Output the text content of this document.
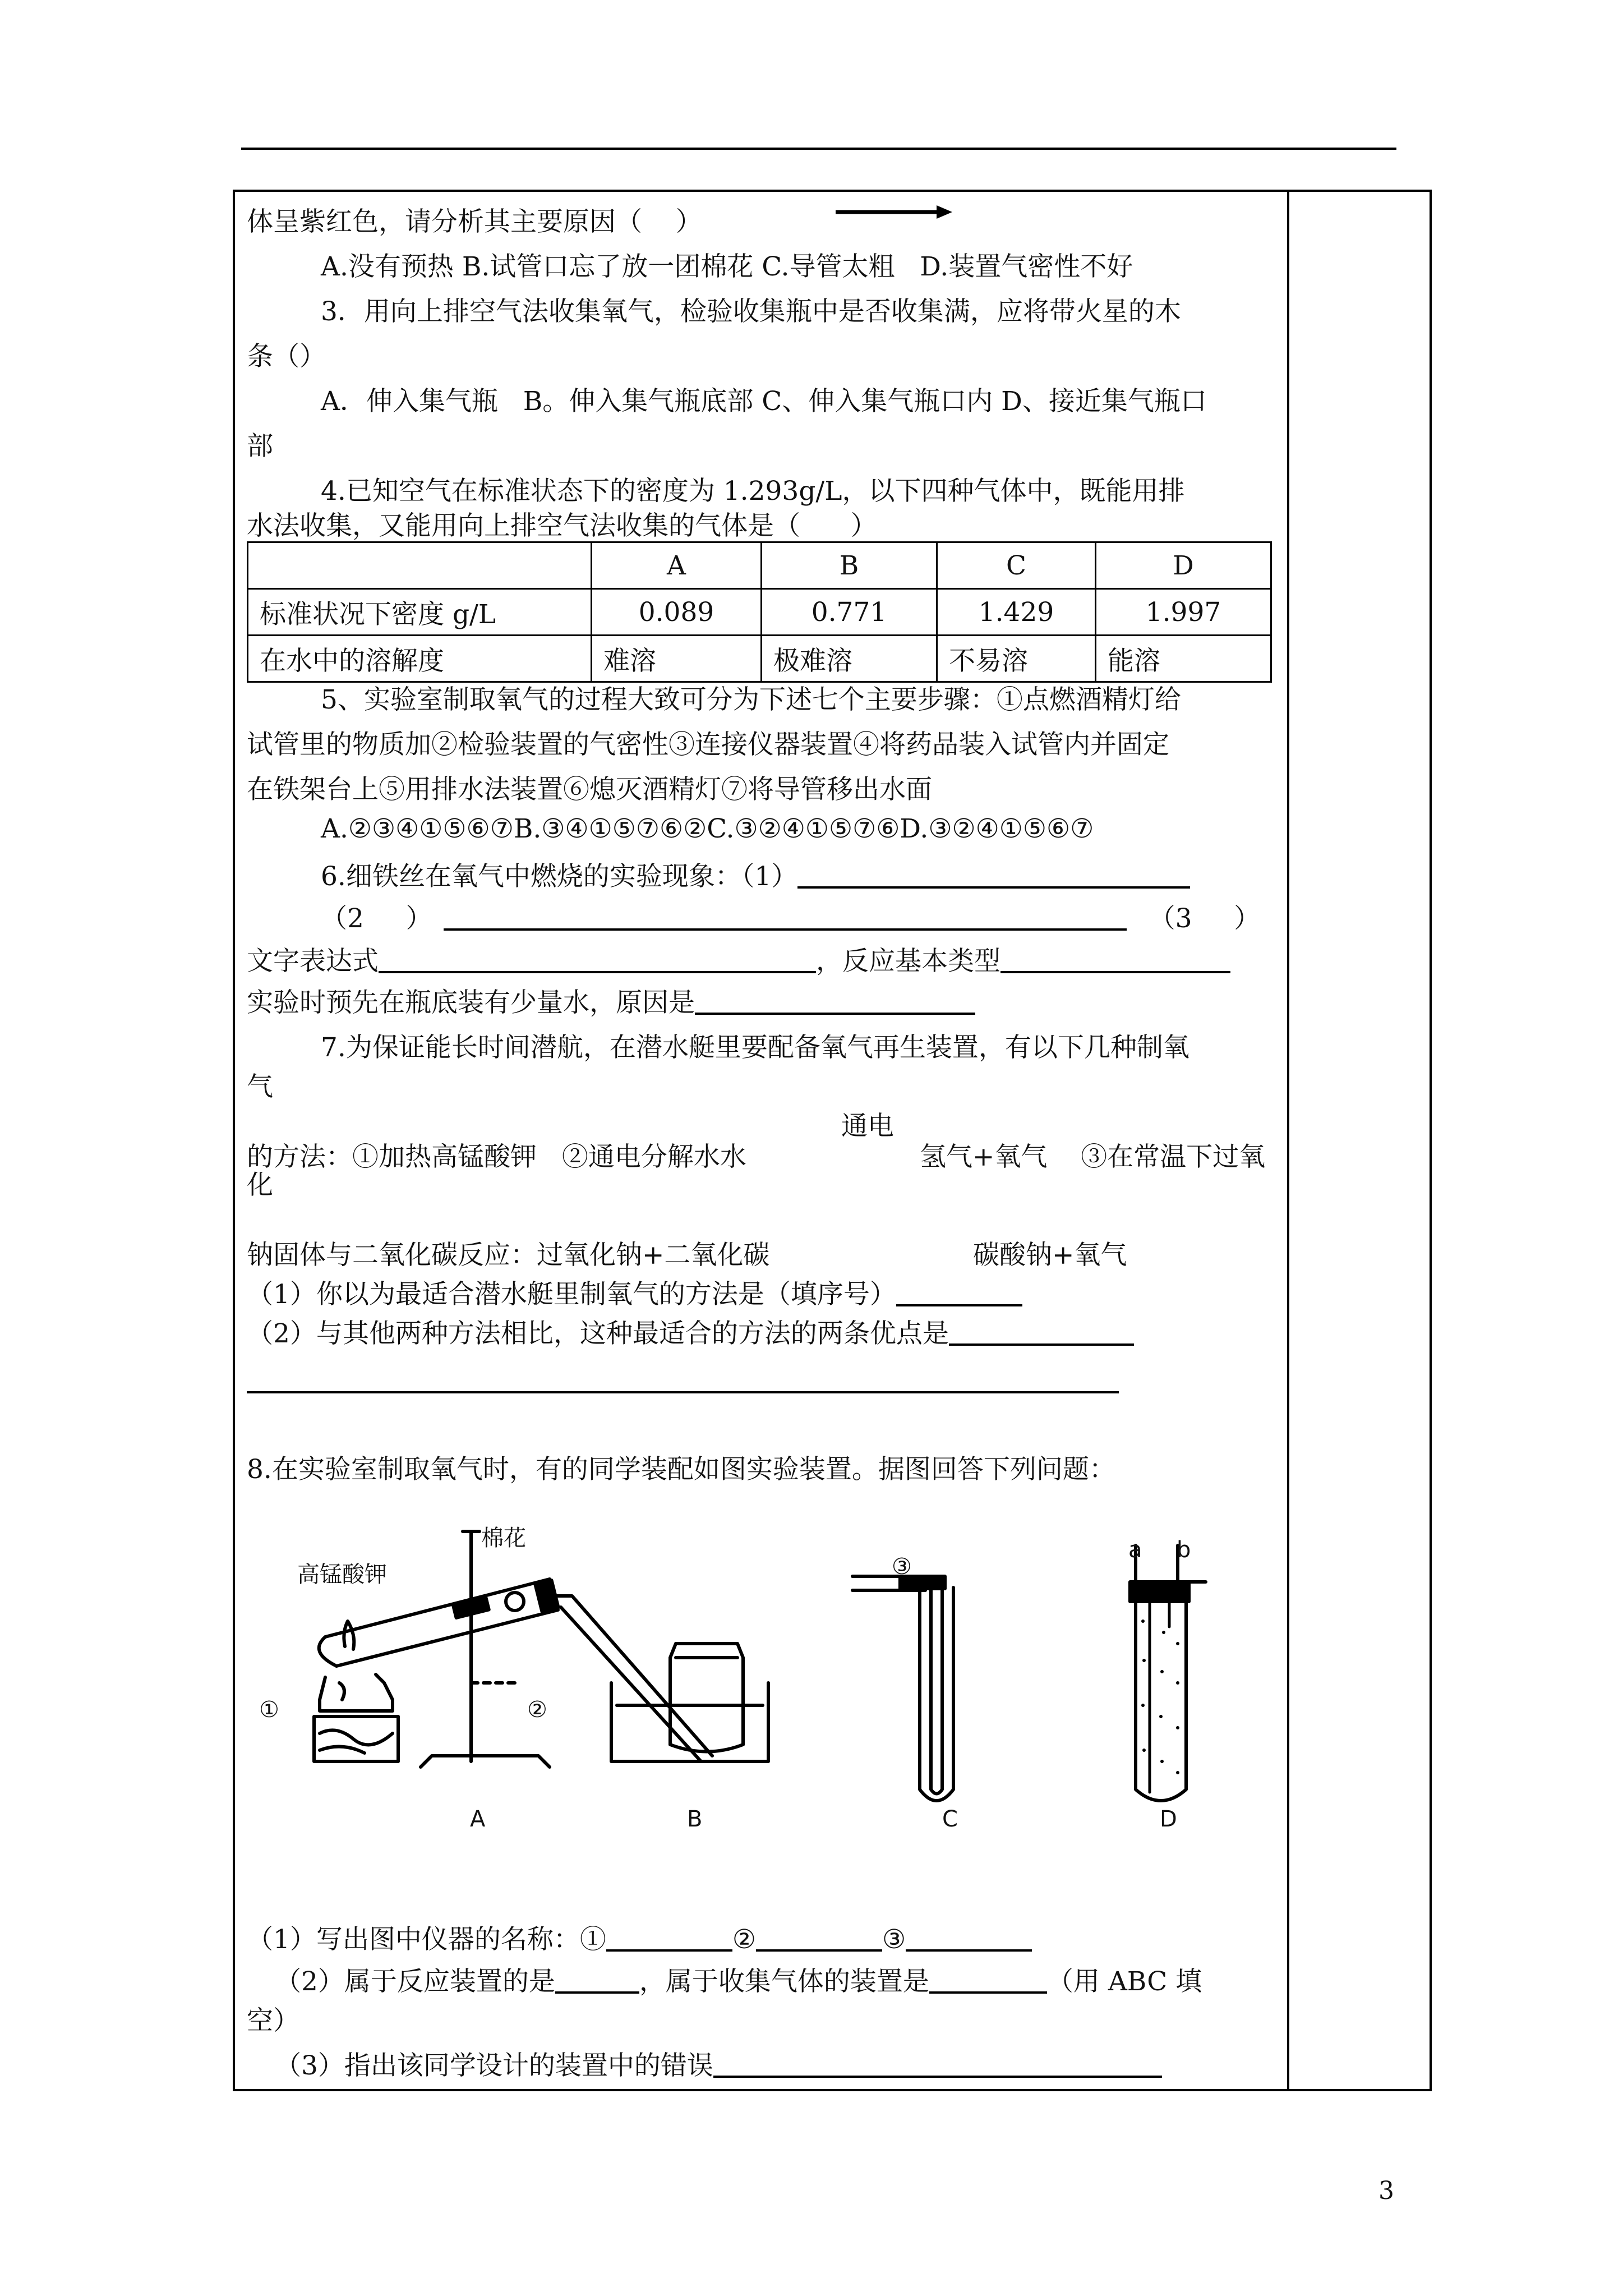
体呈紫红色，请分析其主要原因（    ）
A.没有预热 B.试管口忘了放一团棉花 C.导管太粗   D.装置气密性不好
3．用向上排空气法收集氧气，检验收集瓶中是否收集满，应将带火星的木
条（）
A．伸入集气瓶   B。伸入集气瓶底部 C、伸入集气瓶口内 D、接近集气瓶口
部
4.已知空气在标准状态下的密度为 1.293g/L，以下四种气体中，既能用排
水法收集，又能用向上排空气法收集的气体是（      ）
	A	B	C	D
标准状况下密度 g/L	0.089	0.771	1.429	1.997
在水中的溶解度	难溶	极难溶	不易溶	能溶
5、实验室制取氧气的过程大致可分为下述七个主要步骤：①点燃酒精灯给
试管里的物质加②检验装置的气密性③连接仪器装置④将药品装入试管内并固定
在铁架台上⑤用排水法装置⑥熄灭酒精灯⑦将导管移出水面
A.②③④①⑤⑥⑦B.③④①⑤⑦⑥②C.③②④①⑤⑦⑥D.③②④①⑤⑥⑦
6.细铁丝在氧气中燃烧的实验现象：（1）
（2     ）	（3     ）
文字表达式	，反应基本类型
实验时预先在瓶底装有少量水，原因是
7.为保证能长时间潜航，在潜水艇里要配备氧气再生装置，有以下几种制氧
气
通电
的方法：①加热高锰酸钾   ②通电分解水水	氢气+氧气    ③在常温下过氧
化
钠固体与二氧化碳反应：过氧化钠+二氧化碳	碳酸钠+氧气
（1）你以为最适合潜水艇里制氧气的方法是（填序号）
（2）与其他两种方法相比，这种最适合的方法的两条优点是
8.在实验室制取氧气时，有的同学装配如图实验装置。据图回答下列问题：
高锰酸钾
棉花
①	②
③
a b
A	B	C	D
（1）写出图中仪器的名称：①	②	③
（2）属于反应装置的是	，属于收集气体的装置是	（用 ABC 填
空）
（3）指出该同学设计的装置中的错误
3
